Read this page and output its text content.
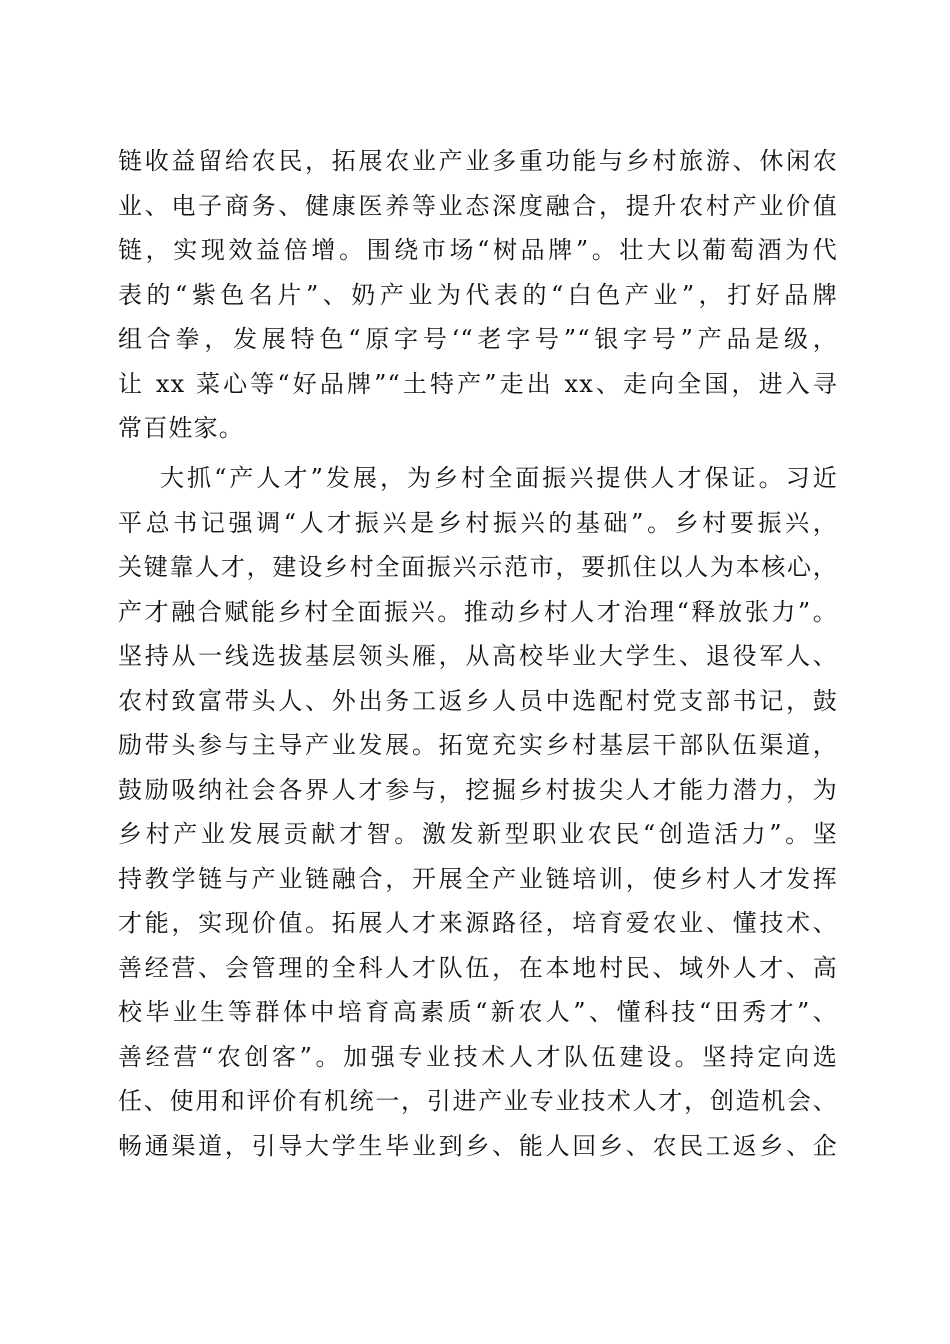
链收益留给农民，拓展农业产业多重功能与乡村旅游、休闲农
业、电子商务、健康医养等业态深度融合，提升农村产业价值
链，实现效益倍增。围绕市场“树品牌”。壮大以葡萄酒为代
表的“紫色名片”、奶产业为代表的“白色产业”，打好品牌
组合拳，发展特色“原字号‘“老字号”“银字号”产品是级，
让 xx 菜心等“好品牌”“土特产”走出 xx、走向全国，进入寻
常百姓家。
大抓“产人才”发展，为乡村全面振兴提供人才保证。习近
平总书记强调“人才振兴是乡村振兴的基础”。乡村要振兴，
关键靠人才，建设乡村全面振兴示范市，要抓住以人为本核心，
产才融合赋能乡村全面振兴。推动乡村人才治理“释放张力”。
坚持从一线选拔基层领头雁，从高校毕业大学生、退役军人、
农村致富带头人、外出务工返乡人员中选配村党支部书记，鼓
励带头参与主导产业发展。拓宽充实乡村基层干部队伍渠道，
鼓励吸纳社会各界人才参与，挖掘乡村拔尖人才能力潜力，为
乡村产业发展贡献才智。激发新型职业农民“创造活力”。坚
持教学链与产业链融合，开展全产业链培训，使乡村人才发挥
才能，实现价值。拓展人才来源路径，培育爱农业、懂技术、
善经营、会管理的全科人才队伍，在本地村民、域外人才、高
校毕业生等群体中培育高素质“新农人”、懂科技“田秀才”、
善经营“农创客”。加强专业技术人才队伍建设。坚持定向选
任、使用和评价有机统一，引进产业专业技术人才，创造机会、
畅通渠道，引导大学生毕业到乡、能人回乡、农民工返乡、企
